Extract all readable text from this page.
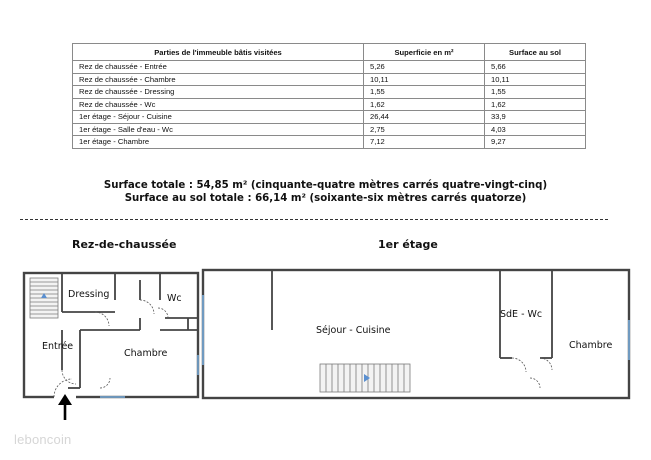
Parties de l'immeuble bâtis visitées	Superficie en m²	Surface au sol
Rez de chaussée - Entrée	5,26	5,66
Rez de chaussée - Chambre	10,11	10,11
Rez de chaussée - Dressing	1,55	1,55
Rez de chaussée - Wc	1,62	1,62
1er étage - Séjour - Cuisine	26,44	33,9
1er étage - Salle d'eau - Wc	2,75	4,03
1er étage - Chambre	7,12	9,27
Surface totale : 54,85 m² (cinquante-quatre mètres carrés quatre-vingt-cinq)
Surface au sol totale : 66,14 m² (soixante-six mètres carrés quatorze)
Rez-de-chaussée	1er étage
Dressing	Wc
Entrée
Chambre
Séjour - Cuisine
SdE - Wc
Chambre
leboncoin
